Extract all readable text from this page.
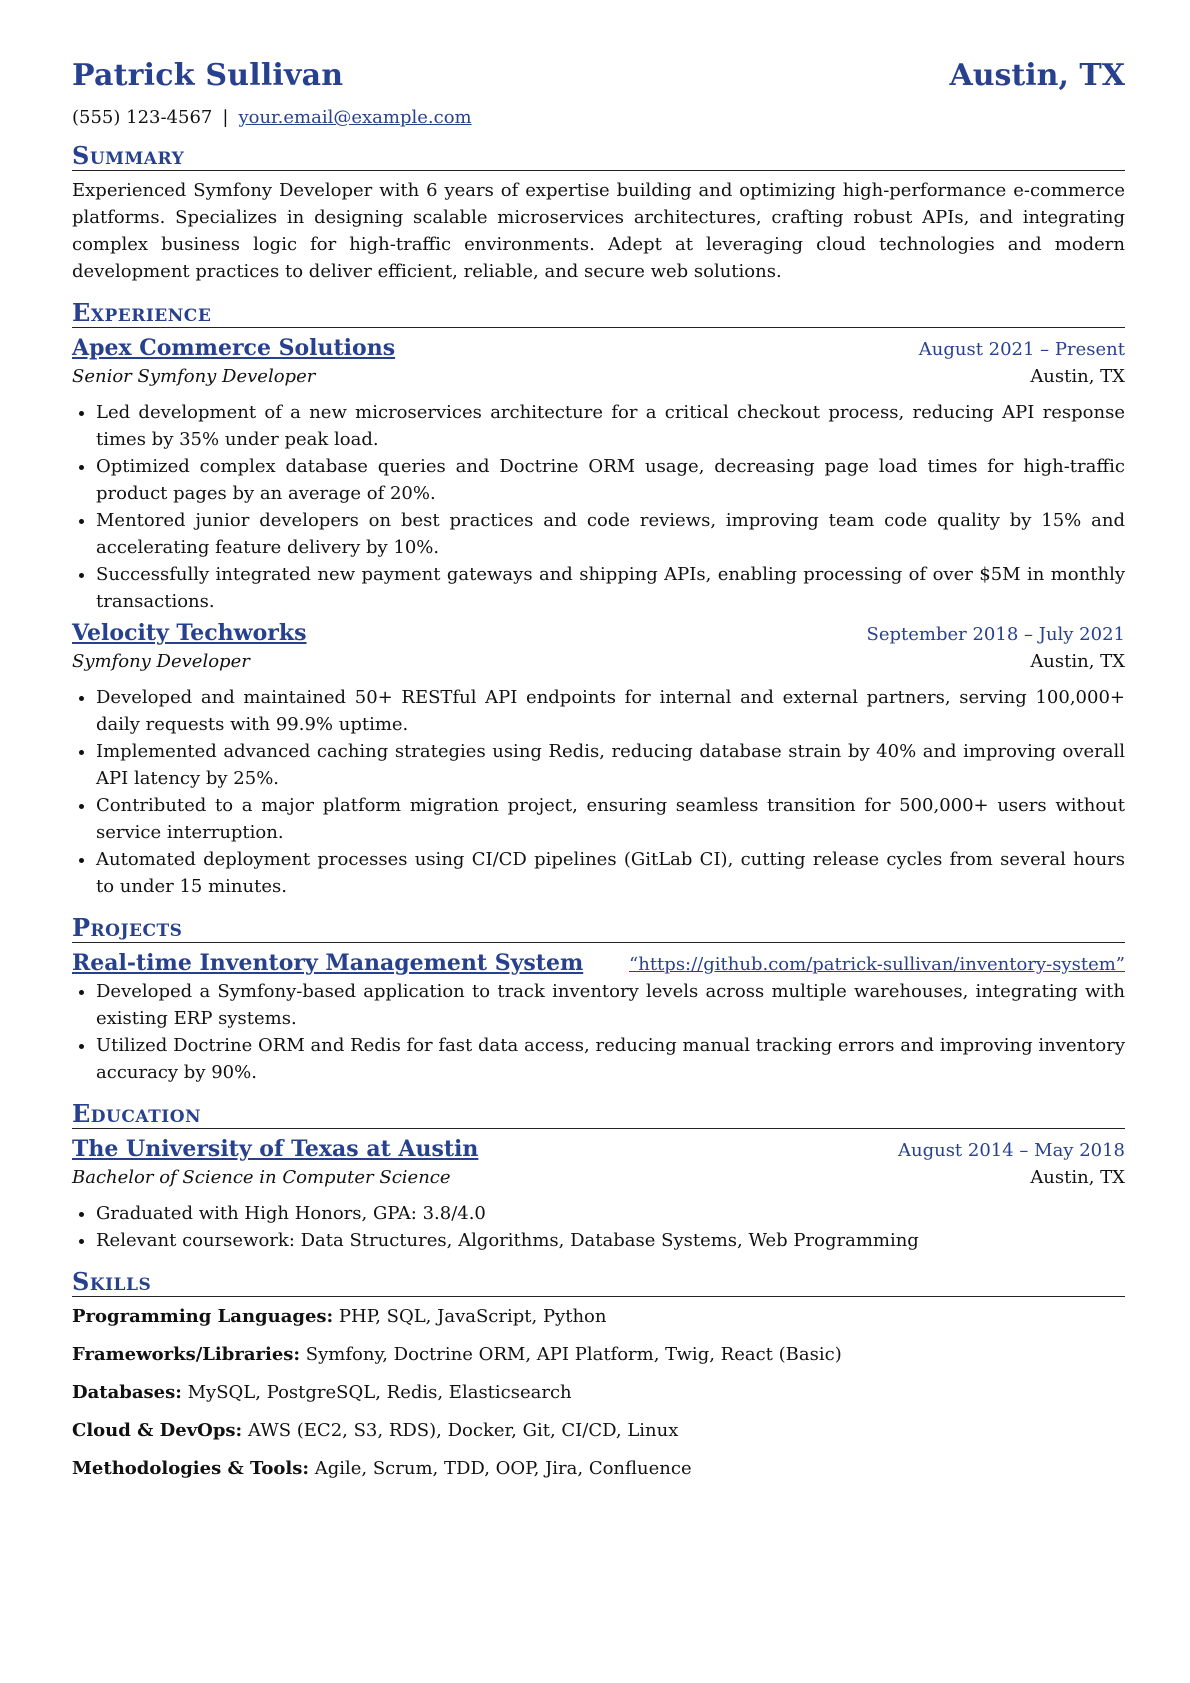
Patrick Sullivan	Austin, TX
(555) 123-4567 | your.email@example.com
Summary
Experienced Symfony Developer with 6 years of expertise building and optimizing high-performance e-commerce platforms. Specializes in designing scalable microservices architectures, crafting robust APIs, and integrating complex business logic for high-traffic environments. Adept at leveraging cloud technologies and modern development practices to deliver efficient, reliable, and secure web solutions.
Experience
Apex Commerce Solutions	August 2021 – Present
Senior Symfony Developer	Austin, TX
• Led development of a new microservices architecture for a critical checkout process, reducing API response times by 35% under peak load.
• Optimized complex database queries and Doctrine ORM usage, decreasing page load times for high-traffic product pages by an average of 20%.
• Mentored junior developers on best practices and code reviews, improving team code quality by 15% and accelerating feature delivery by 10%.
• Successfully integrated new payment gateways and shipping APIs, enabling processing of over $5M in monthly transactions.
Velocity Techworks	September 2018 – July 2021
Symfony Developer	Austin, TX
• Developed and maintained 50+ RESTful API endpoints for internal and external partners, serving 100,000+ daily requests with 99.9% uptime.
• Implemented advanced caching strategies using Redis, reducing database strain by 40% and improving overall API latency by 25%.
• Contributed to a major platform migration project, ensuring seamless transition for 500,000+ users without service interruption.
• Automated deployment processes using CI/CD pipelines (GitLab CI), cutting release cycles from several hours to under 15 minutes.
Projects
Real-time Inventory Management System	“https://github.com/patrick-sullivan/inventory-system”
• Developed a Symfony-based application to track inventory levels across multiple warehouses, integrating with existing ERP systems.
• Utilized Doctrine ORM and Redis for fast data access, reducing manual tracking errors and improving inventory accuracy by 90%.
Education
The University of Texas at Austin	August 2014 – May 2018
Bachelor of Science in Computer Science	Austin, TX
• Graduated with High Honors, GPA: 3.8/4.0
• Relevant coursework: Data Structures, Algorithms, Database Systems, Web Programming
Skills
Programming Languages: PHP, SQL, JavaScript, Python
Frameworks/Libraries: Symfony, Doctrine ORM, API Platform, Twig, React (Basic)
Databases: MySQL, PostgreSQL, Redis, Elasticsearch
Cloud & DevOps: AWS (EC2, S3, RDS), Docker, Git, CI/CD, Linux
Methodologies & Tools: Agile, Scrum, TDD, OOP, Jira, Confluence
